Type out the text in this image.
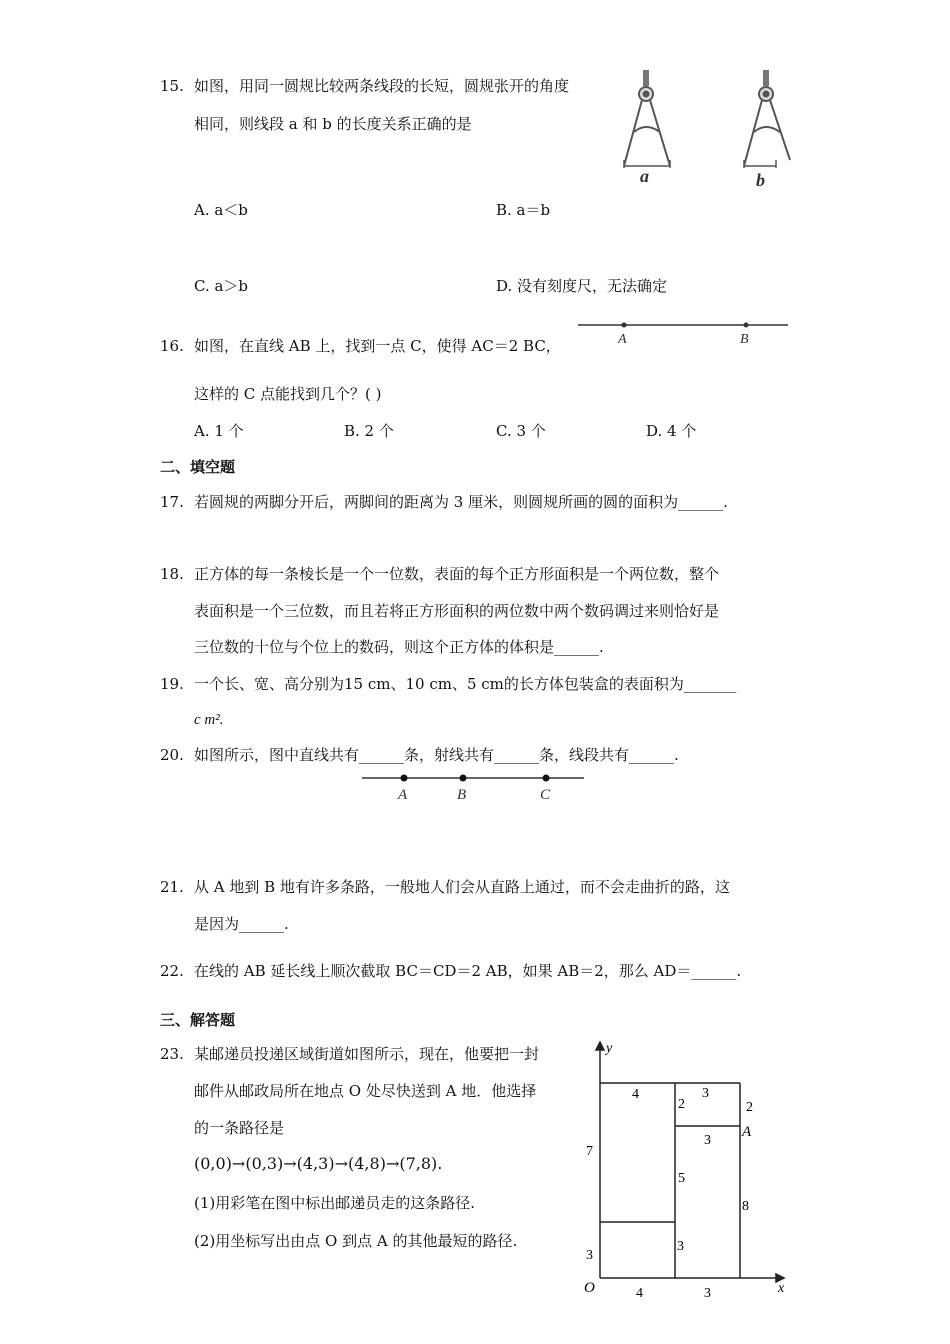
15. 如图，用同一圆规比较两条线段的长短，圆规张开的角度
相同，则线段 a 和 b 的长度关系正确的是
a	b
A. a＜b	B. a＝b
C. a＞b	D. 没有刻度尺，无法确定
16. 如图，在直线 AB 上，找到一点 C，使得 AC＝2 BC，	A	B
这样的 C 点能找到几个？( )
A. 1 个	B. 2 个	C. 3 个	D. 4 个
二、填空题
17. 若圆规的两脚分开后，两脚间的距离为 3 厘米，则圆规所画的圆的面积为______.
18. 正方体的每一条棱长是一个一位数，表面的每个正方形面积是一个两位数，整个
表面积是一个三位数，而且若将正方形面积的两位数中两个数码调过来则恰好是
三位数的十位与个位上的数码，则这个正方体的体积是______.
19. 一个长、宽、高分别为15 cm、10 cm、5 cm的长方体包装盒的表面积为_______
c m².
20. 如图所示，图中直线共有______条，射线共有______条，线段共有______.
A	B	C
21. 从 A 地到 B 地有许多条路，一般地人们会从直路上通过，而不会走曲折的路，这
是因为______.
22. 在线的 AB 延长线上顺次截取 BC＝CD＝2 AB，如果 AB＝2，那么 AD＝______.
三、解答题
23. 某邮递员投递区域街道如图所示，现在，他要把一封
邮件从邮政局所在地点 O 处尽快送到 A 地．他选择
的一条路径是
(0,0)→(0,3)→(4,3)→(4,8)→(7,8).
(1)用彩笔在图中标出邮递员走的这条路径.
(2)用坐标写出由点 O 到点 A 的其他最短的路径.
y
x
O
A
7
3
4	3
4	3
2
3
5
3
2
8
